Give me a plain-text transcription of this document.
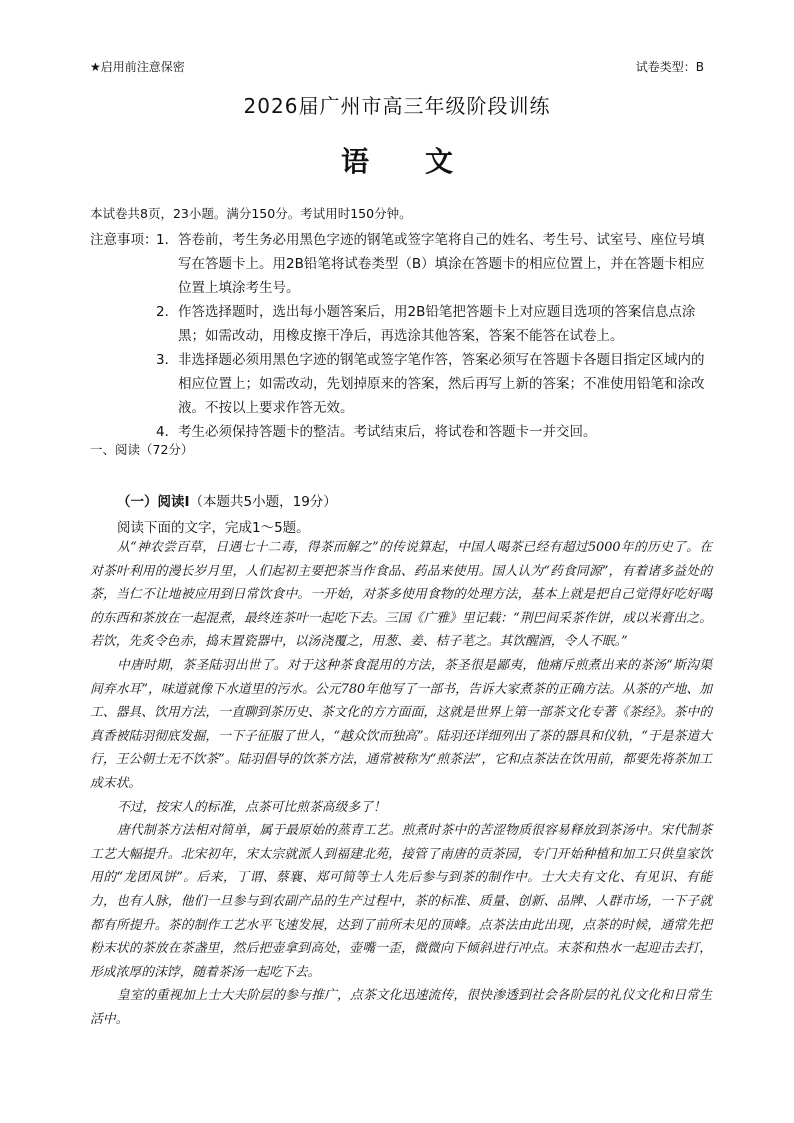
★启用前注意保密	试卷类型：B
2026届广州市高三年级阶段训练
语文
本试卷共8页，23小题。满分150分。考试用时150分钟。
注意事项：
1． 答卷前，考生务必用黑色字迹的钢笔或签字笔将自己的姓名、考生号、试室号、座位号填写在答题卡上。用2B铅笔将试卷类型（B）填涂在答题卡的相应位置上，并在答题卡相应位置上填涂考生号。
2． 作答选择题时，选出每小题答案后，用2B铅笔把答题卡上对应题目选项的答案信息点涂黑；如需改动，用橡皮擦干净后，再选涂其他答案，答案不能答在试卷上。
3． 非选择题必须用黑色字迹的钢笔或签字笔作答，答案必须写在答题卡各题目指定区域内的相应位置上；如需改动，先划掉原来的答案，然后再写上新的答案；不准使用铅笔和涂改液。不按以上要求作答无效。
4． 考生必须保持答题卡的整洁。考试结束后，将试卷和答题卡一并交回。
一、阅读（72分）
（一）阅读Ⅰ（本题共5小题，19分）
阅读下面的文字，完成1～5题。

从“神农尝百草，日遇七十二毒，得茶而解之”的传说算起，中国人喝茶已经有超过5000年的历史了。在对茶叶利用的漫长岁月里，人们起初主要把茶当作食品、药品来使用。国人认为“药食同源”，有着诸多益处的茶，当仁不让地被应用到日常饮食中。一开始，对茶多使用食物的处理方法，基本上就是把自己觉得好吃好喝的东西和茶放在一起混煮，最终连茶叶一起吃下去。三国《广雅》里记载：“荆巴间采茶作饼，成以米膏出之。若饮，先炙令色赤，捣末置瓷器中，以汤浇覆之，用葱、姜、桔子芼之。其饮醒酒，令人不眠。”

中唐时期，茶圣陆羽出世了。对于这种茶食混用的方法，茶圣很是鄙夷，他痛斥煎煮出来的茶汤“斯沟渠间弃水耳”，味道就像下水道里的污水。公元780年他写了一部书，告诉大家煮茶的正确方法。从茶的产地、加工、器具、饮用方法，一直聊到茶历史、茶文化的方方面面，这就是世界上第一部茶文化专著《茶经》。茶中的真香被陆羽彻底发掘，一下子征服了世人，“越众饮而独高”。陆羽还详细列出了茶的器具和仪轨，“于是茶道大行，王公朝士无不饮茶”。陆羽倡导的饮茶方法，通常被称为“煎茶法”，它和点茶法在饮用前，都要先将茶加工成末状。

不过，按宋人的标准，点茶可比煎茶高级多了！

唐代制茶方法相对简单，属于最原始的蒸青工艺。煎煮时茶中的苦涩物质很容易释放到茶汤中。宋代制茶工艺大幅提升。北宋初年，宋太宗就派人到福建北苑，接管了南唐的贡茶园，专门开始种植和加工只供皇家饮用的“龙团凤饼”。后来，丁谓、蔡襄、郑可简等士人先后参与到茶的制作中。士大夫有文化、有见识、有能力，也有人脉，他们一旦参与到农副产品的生产过程中，茶的标准、质量、创新、品牌、人群市场，一下子就都有所提升。茶的制作工艺水平飞速发展，达到了前所未见的顶峰。点茶法由此出现，点茶的时候，通常先把粉末状的茶放在茶盏里，然后把壶拿到高处，壶嘴一歪，微微向下倾斜进行冲点。末茶和热水一起迎击去打，形成浓厚的沫饽，随着茶汤一起吃下去。

皇室的重视加上士大夫阶层的参与推广，点茶文化迅速流传，很快渗透到社会各阶层的礼仪文化和日常生活中。
